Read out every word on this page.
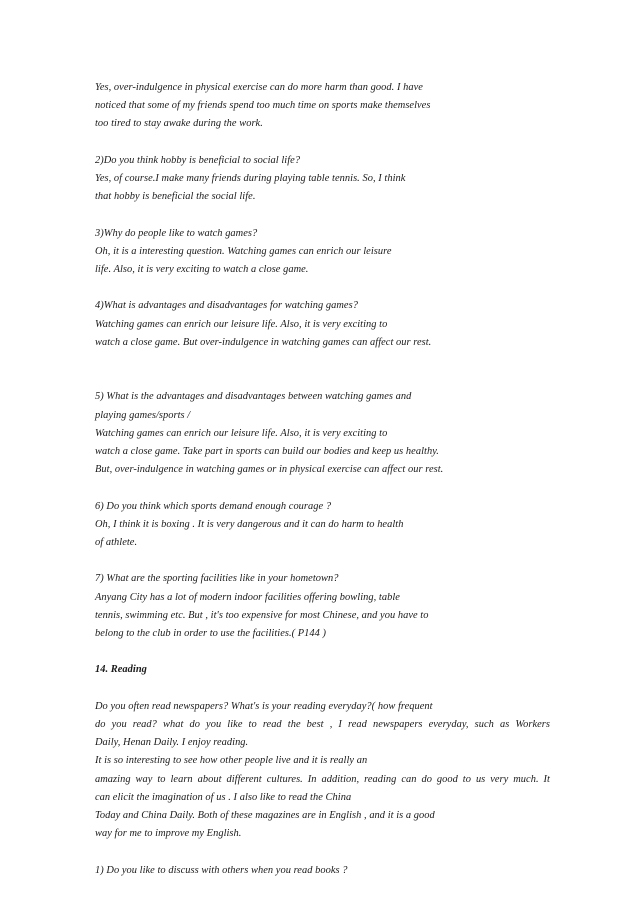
Yes, over-indulgence in physical exercise can do more harm than good. I have
noticed that some of my friends spend too much time on sports make themselves
too tired to stay awake during the work.
2)Do you think hobby is beneficial to social life?
Yes, of course.I make many friends during playing table tennis. So, I think
that hobby is beneficial the social life.
3)Why do people like to watch games?
Oh, it is a interesting question. Watching games can enrich our leisure
life. Also, it is very exciting to watch a close game.
4)What is advantages and disadvantages for watching games?
Watching games can enrich our leisure life. Also, it is very exciting to
watch a close game. But over-indulgence in watching games can affect our rest.
5) What is the advantages and disadvantages between watching games and
playing games/sports /
Watching games can enrich our leisure life. Also, it is very exciting to
watch a close game. Take part in sports can build our bodies and keep us healthy.
But, over-indulgence in watching games or in physical exercise can affect our rest.
6) Do you think which sports demand enough courage ?
Oh, I think it is boxing . It is very dangerous and it can do harm to health
of athlete.
7) What are the sporting facilities like in your hometown?
Anyang City has a lot of modern indoor facilities offering bowling, table
tennis, swimming etc. But , it's too expensive for most Chinese, and you have to
belong to the club in order to use the facilities.( P144 )
14. Reading
Do you often read newspapers? What's is your reading everyday?( how frequent
do you read? what do you like to read the best , I read newspapers everyday, such as Workers
Daily, Henan Daily. I enjoy reading.
It is so interesting to see how other people live and it is really an
amazing way to learn about different cultures. In addition, reading can do good to us very much. It
can elicit the imagination of us . I also like to read the China
Today and China Daily. Both of these magazines are in English , and it is a good
way for me to improve my English.
1) Do you like to discuss with others when you read books ?
